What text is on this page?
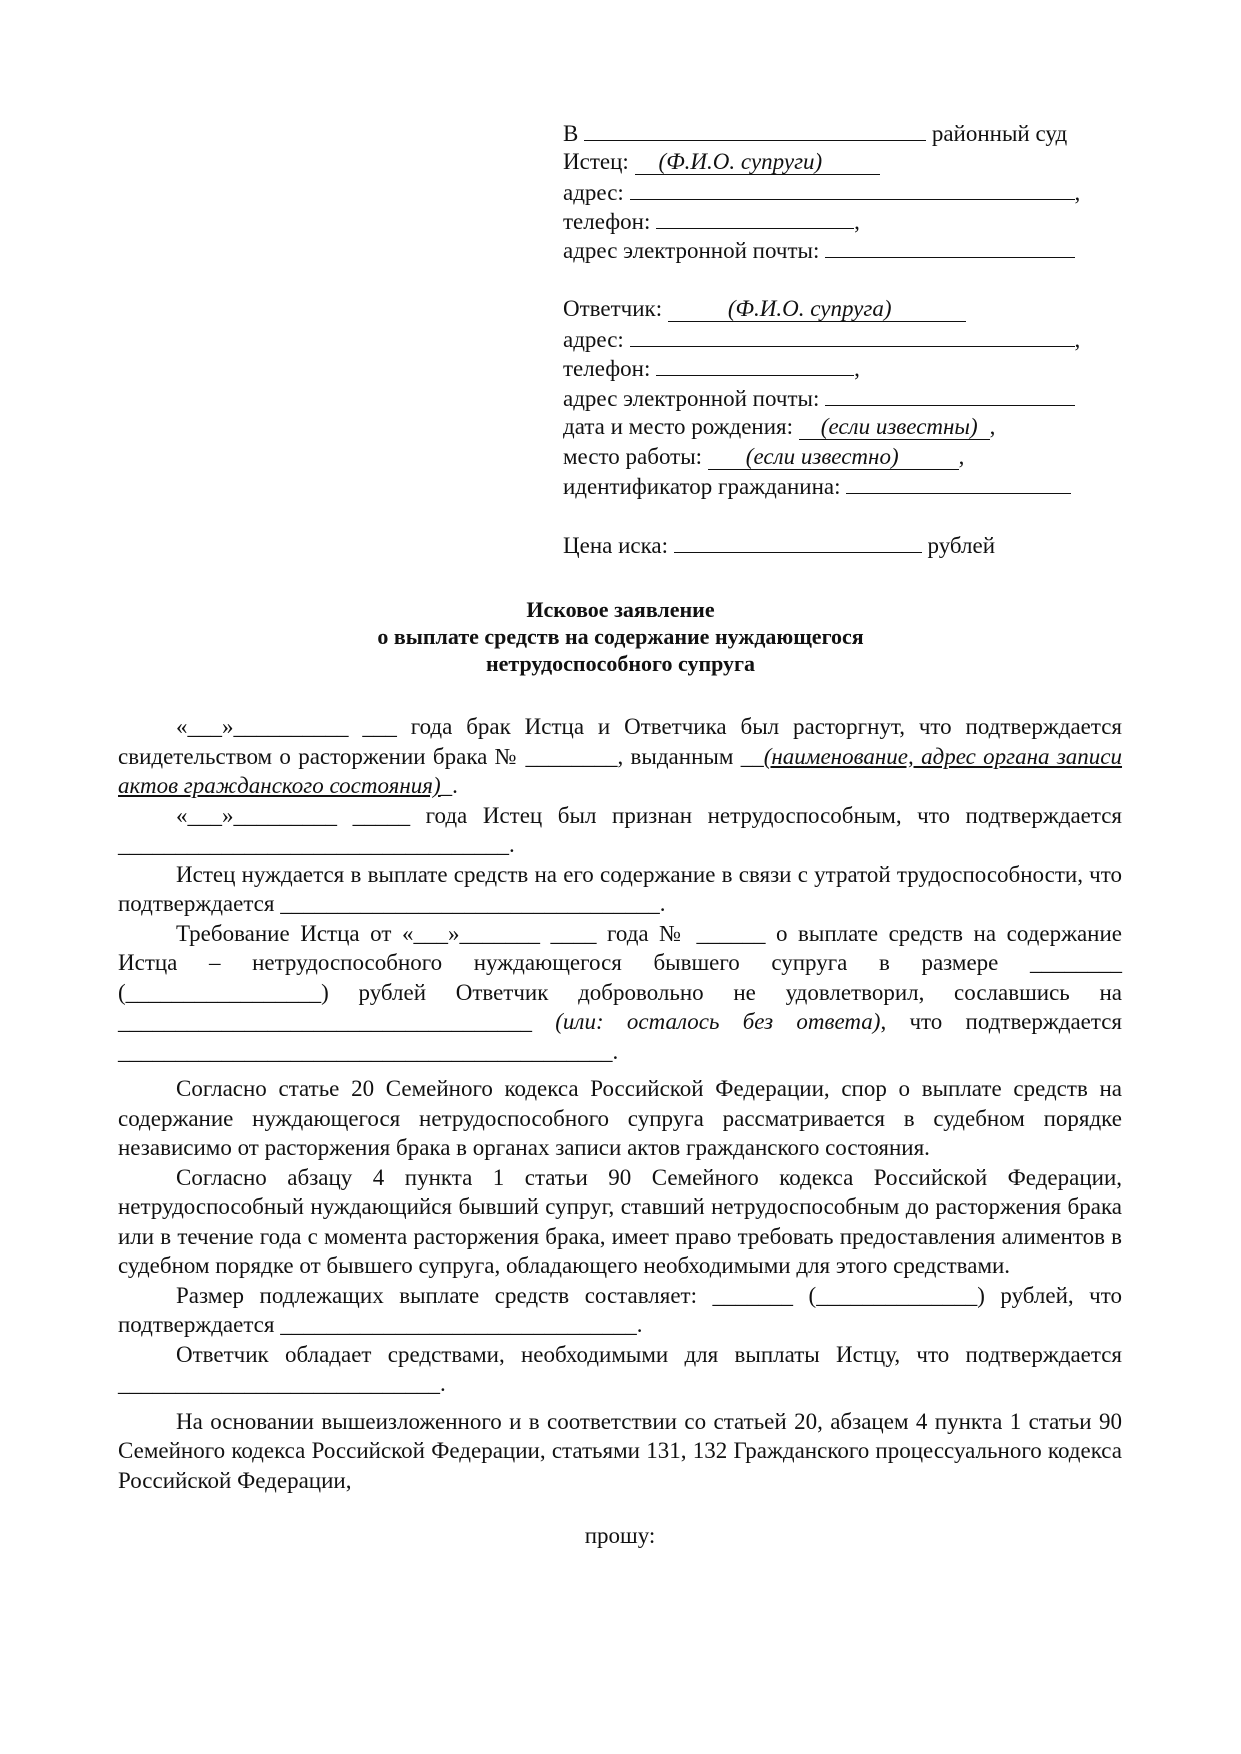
В	районный суд
Истец: (Ф.И.О. супруги)
адрес:	,
телефон:	,
адрес электронной почты:
Ответчик:	(Ф.И.О. супруга)
адрес:	,
телефон:	,
адрес электронной почты:
дата и место рождения: (если известны) ,
место работы: (если известно)	,
идентификатор гражданина:
Цена иска:	рублей
Исковое заявление
о выплате средств на содержание нуждающегося
нетрудоспособного супруга

«___»__________ ___ года брак Истца и Ответчика был расторгнут, что подтверждается свидетельством о расторжении брака № ________, выданным __(наименование, адрес органа записи актов гражданского состояния)_.

«___»_________ _____ года Истец был признан нетрудоспособным, что подтверждается __________________________________.

Истец нуждается в выплате средств на его содержание в связи с утратой трудоспособности, что подтверждается _________________________________.

Требование Истца от «___»_______ ____ года № ______ о выплате средств на содержание Истца – нетрудоспособного нуждающегося бывшего супруга в размере ________ (_________________) рублей Ответчик добровольно не удовлетворил, сославшись на ____________________________________ (или: осталось без ответа), что подтверждается ___________________________________________.

Согласно статье 20 Семейного кодекса Российской Федерации, спор о выплате средств на содержание нуждающегося нетрудоспособного супруга рассматривается в судебном порядке независимо от расторжения брака в органах записи актов гражданского состояния.

Согласно абзацу 4 пункта 1 статьи 90 Семейного кодекса Российской Федерации, нетрудоспособный нуждающийся бывший супруг, ставший нетрудоспособным до расторжения брака или в течение года с момента расторжения брака, имеет право требовать предоставления алиментов в судебном порядке от бывшего супруга, обладающего необходимыми для этого средствами.

Размер подлежащих выплате средств составляет: _______ (______________) рублей, что подтверждается _______________________________.

Ответчик обладает средствами, необходимыми для выплаты Истцу, что подтверждается ____________________________.

На основании вышеизложенного и в соответствии со статьей 20, абзацем 4 пункта 1 статьи 90 Семейного кодекса Российской Федерации, статьями 131, 132 Гражданского процессуального кодекса Российской Федерации,

прошу:
